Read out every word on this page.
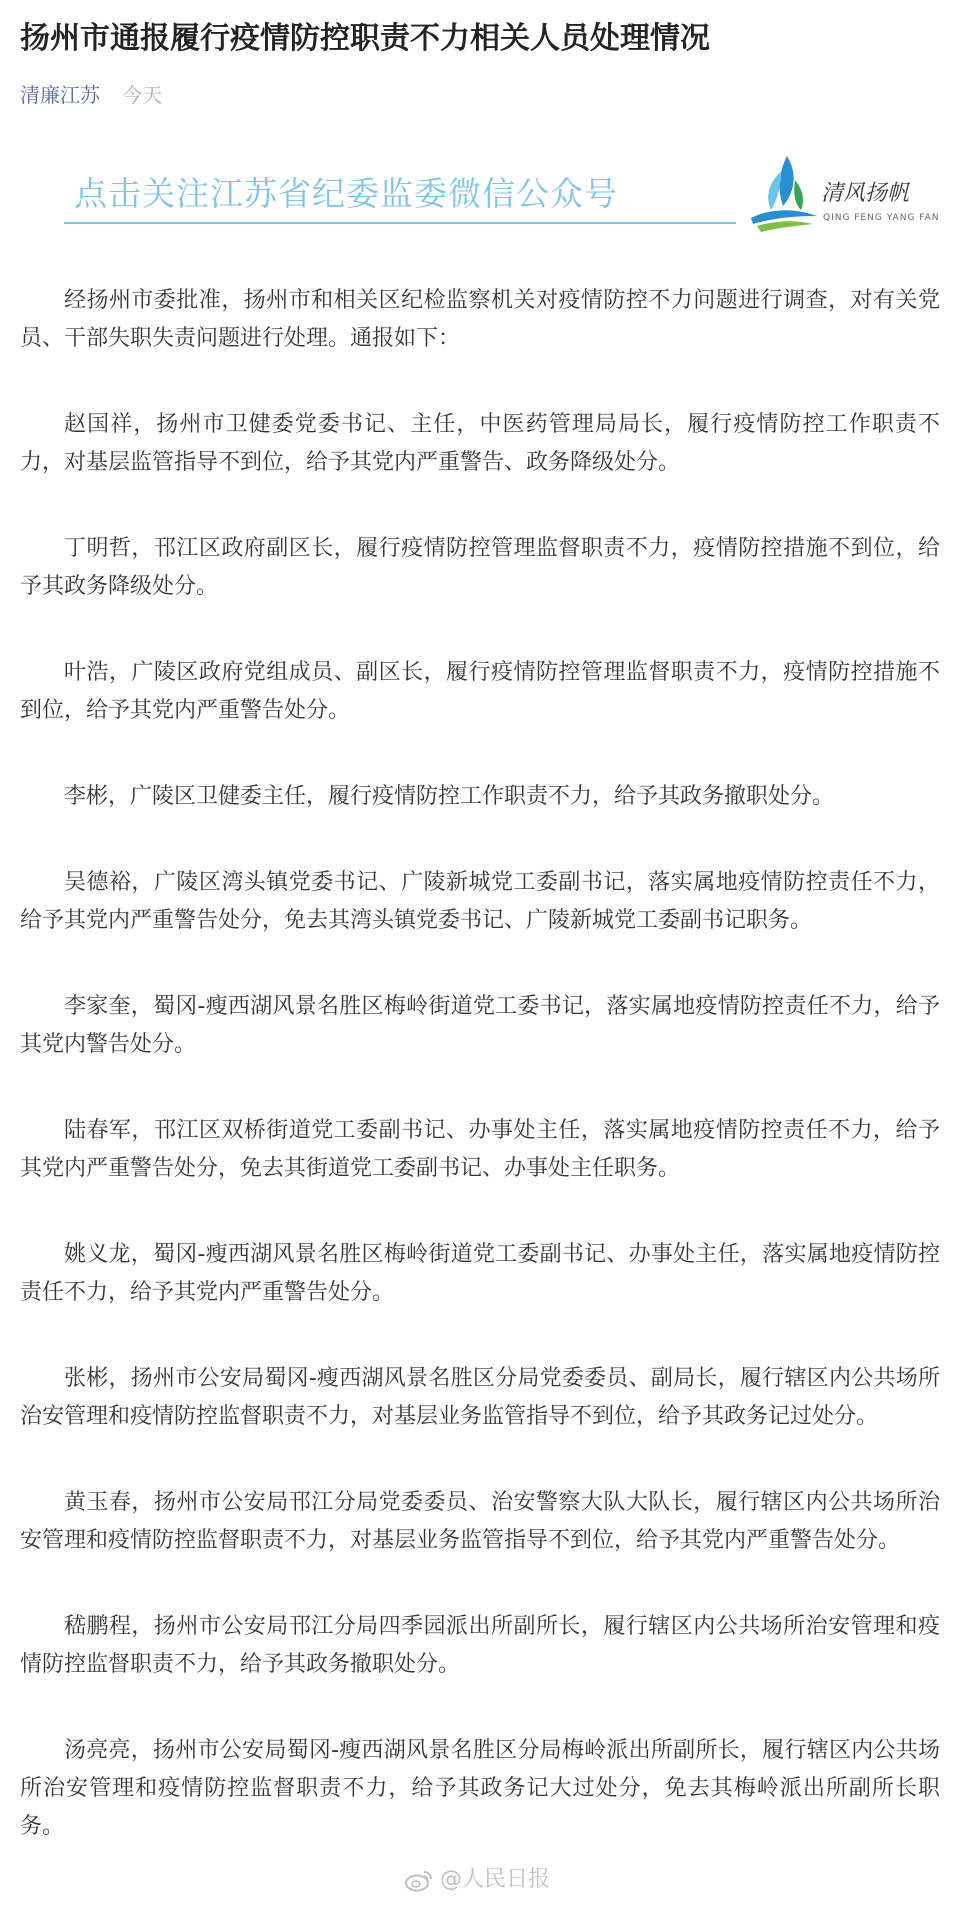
扬州市通报履行疫情防控职责不力相关人员处理情况
清廉江苏 今天
点击关注江苏省纪委监委微信公众号	清风扬帆
QING FENG YANG FAN

经扬州市委批准，扬州市和相关区纪检监察机关对疫情防控不力问题进行调查，对有关党员、干部失职失责问题进行处理。通报如下：

赵国祥，扬州市卫健委党委书记、主任，中医药管理局局长，履行疫情防控工作职责不力，对基层监管指导不到位，给予其党内严重警告、政务降级处分。

丁明哲，邗江区政府副区长，履行疫情防控管理监督职责不力，疫情防控措施不到位，给予其政务降级处分。

叶浩，广陵区政府党组成员、副区长，履行疫情防控管理监督职责不力，疫情防控措施不到位，给予其党内严重警告处分。

李彬，广陵区卫健委主任，履行疫情防控工作职责不力，给予其政务撤职处分。

吴德裕，广陵区湾头镇党委书记、广陵新城党工委副书记，落实属地疫情防控责任不力，给予其党内严重警告处分，免去其湾头镇党委书记、广陵新城党工委副书记职务。

李家奎，蜀冈-瘦西湖风景名胜区梅岭街道党工委书记，落实属地疫情防控责任不力，给予其党内警告处分。

陆春军，邗江区双桥街道党工委副书记、办事处主任，落实属地疫情防控责任不力，给予其党内严重警告处分，免去其街道党工委副书记、办事处主任职务。

姚义龙，蜀冈-瘦西湖风景名胜区梅岭街道党工委副书记、办事处主任，落实属地疫情防控责任不力，给予其党内严重警告处分。

张彬，扬州市公安局蜀冈-瘦西湖风景名胜区分局党委委员、副局长，履行辖区内公共场所治安管理和疫情防控监督职责不力，对基层业务监管指导不到位，给予其政务记过处分。

黄玉春，扬州市公安局邗江分局党委委员、治安警察大队大队长，履行辖区内公共场所治安管理和疫情防控监督职责不力，对基层业务监管指导不到位，给予其党内严重警告处分。

嵇鹏程，扬州市公安局邗江分局四季园派出所副所长，履行辖区内公共场所治安管理和疫情防控监督职责不力，给予其政务撤职处分。

汤亮亮，扬州市公安局蜀冈-瘦西湖风景名胜区分局梅岭派出所副所长，履行辖区内公共场所治安管理和疫情防控监督职责不力，给予其政务记大过处分，免去其梅岭派出所副所长职务。

@人民日报
